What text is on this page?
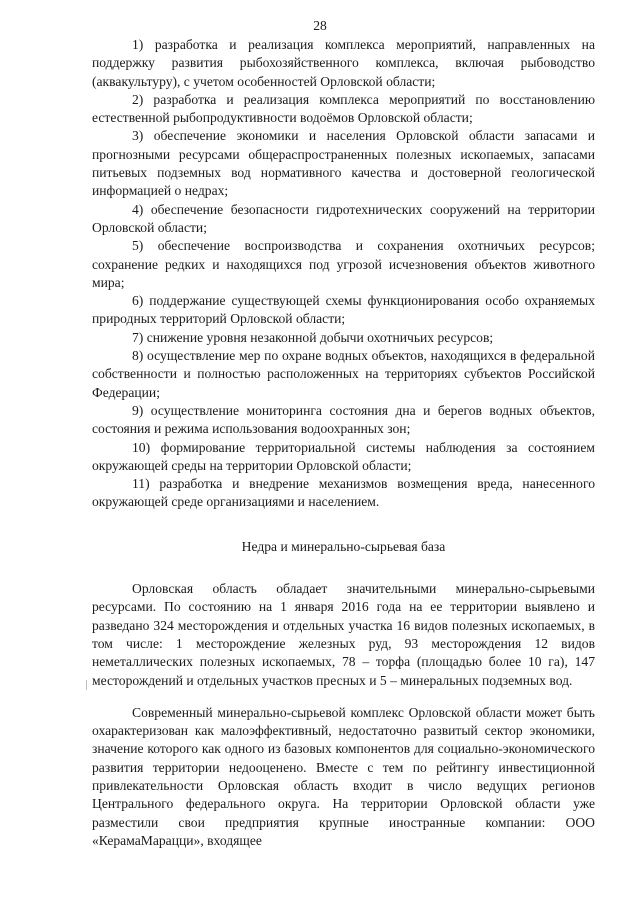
28

1) разработка и реализация комплекса мероприятий, направленных на поддержку развития рыбохозяйственного комплекса, включая рыбоводство (аквакультуру), с учетом особенностей Орловской области;

2) разработка и реализация комплекса мероприятий по восстановлению естественной рыбопродуктивности водоёмов Орловской области;

3) обеспечение экономики и населения Орловской области запасами и прогнозными ресурсами общераспространенных полезных ископаемых, запасами питьевых подземных вод нормативного качества и достоверной геологической информацией о недрах;

4) обеспечение безопасности гидротехнических сооружений на территории Орловской области;

5) обеспечение воспроизводства и сохранения охотничьих ресурсов; сохранение редких и находящихся под угрозой исчезновения объектов животного мира;

6) поддержание существующей схемы функционирования особо охраняемых природных территорий Орловской области;

7) снижение уровня незаконной добычи охотничьих ресурсов;

8) осуществление мер по охране водных объектов, находящихся в федеральной собственности и полностью расположенных на территориях субъектов Российской Федерации;

9) осуществление мониторинга состояния дна и берегов водных объектов, состояния и режима использования водоохранных зон;

10) формирование территориальной системы наблюдения за состоянием окружающей среды на территории Орловской области;

11) разработка и внедрение механизмов возмещения вреда, нанесенного окружающей среде организациями и населением.

Недра и минерально-сырьевая база

Орловская область обладает значительными минерально-сырьевыми ресурсами. По состоянию на 1 января 2016 года на ее территории выявлено и разведано 324 месторождения и отдельных участка 16 видов полезных ископаемых, в том числе: 1 месторождение железных руд, 93 месторождения 12 видов неметаллических полезных ископаемых, 78 – торфа (площадью более 10 га), 147 месторождений и отдельных участков пресных и 5 – минеральных подземных вод.

Современный минерально-сырьевой комплекс Орловской области может быть охарактеризован как малоэффективный, недостаточно развитый сектор экономики, значение которого как одного из базовых компонентов для социально-экономического развития территории недооценено. Вместе с тем по рейтингу инвестиционной привлекательности Орловская область входит в число ведущих регионов Центрального федерального округа. На территории Орловской области уже разместили свои предприятия крупные иностранные компании: ООО «КерамаМарацци», входящее
